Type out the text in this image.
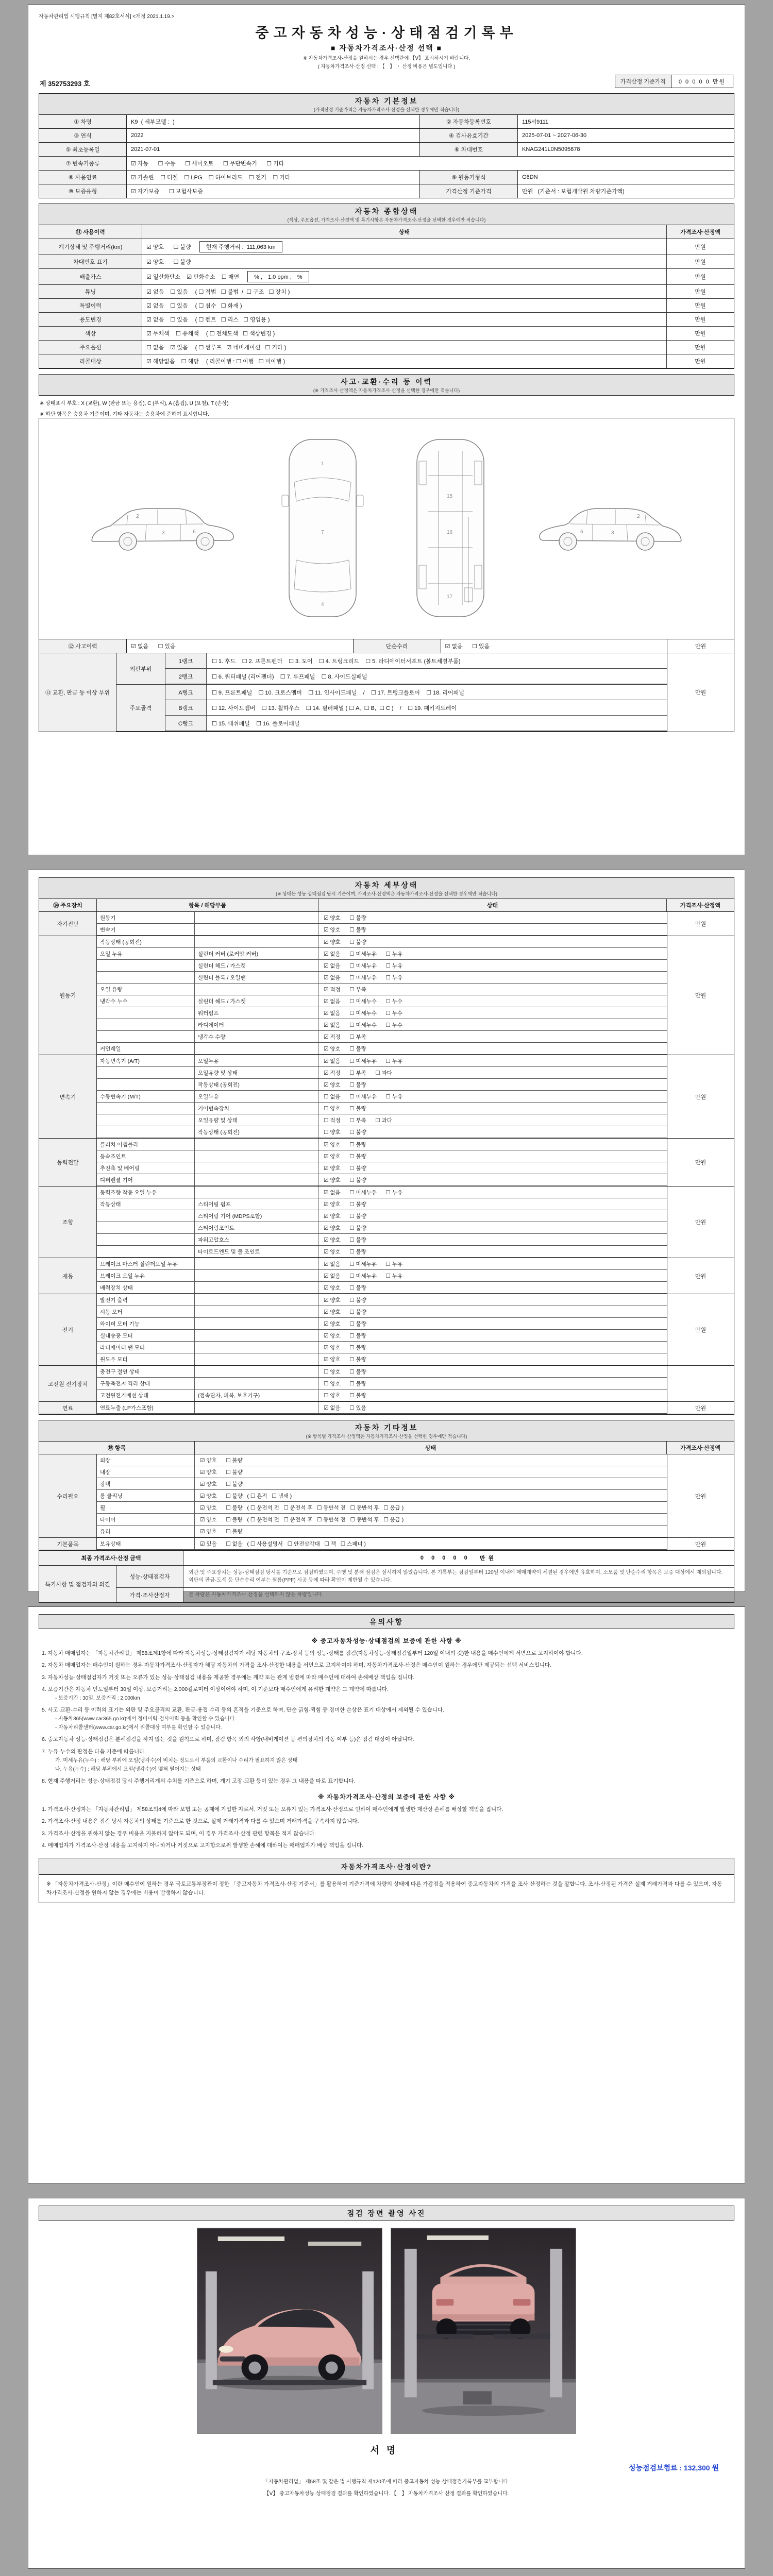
자동차관리법 시행규칙 [별지 제82호서식] <개정 2021.1.19.>
중고자동차성능·상태점검기록부
■ 자동차가격조사·산정 선택 ■
※ 자동차가격조사·산정을 원하시는 경우 선택란에 【Ⅴ】 표시하시기 바랍니다.
( 자동차가격조사·산정 선택 : 【　】 ・ 산정 비용은 별도입니다 )
제 352753293 호	가격산정 기준가격	0 0 0 0 0 만원
자동차 기본정보
(가격산정 기준가격은 자동차가격조사·산정을 선택한 경우에만 적습니다)
① 차명	K9  ( 세부모델 :  )	② 자동차등록번호	115서9111
③ 연식	2022	④ 검사유효기간	2025-07-01 ~ 2027-06-30
⑤ 최초등록일	2021-07-01	⑥ 차대번호	KNAG241L0N5095678
⑦ 변속기종류	☑ 자동      ☐ 수동      ☐ 세미오토      ☐ 무단변속기      ☐ 기타		
⑧ 사용연료	☑ 가솔린    ☐ 디젤    ☐ LPG    ☐ 하이브리드    ☐ 전기    ☐ 기타	⑨ 원동기형식	G6DN
⑩ 보증유형	☑ 자가보증      ☐ 보험사보증	가격산정 기준가격	만원   (기준서 : 보험개발원 차량기준가액)
자동차 종합상태
(색상, 주요옵션, 가격조사·산정액 및 특기사항은 자동차가격조사·산정을 선택한 경우에만 적습니다)
⑪ 사용이력	상태	가격조사·산정액
계기상태 및 주행거리(km)	☑ 양호      ☐ 불량	현재 주행거리 :  111,063 km	만원
차대번호 표기	☑ 양호      ☐ 불량	만원
배출가스	☑ 일산화탄소    ☑ 탄화수소    ☐ 매연	% ,　1.0 ppm ,　%	만원
튜닝	☑ 없음    ☐ 있음　 ( ☐ 적법   ☐ 불법  /  ☐ 구조   ☐ 장치 )	만원
특별이력	☑ 없음    ☐ 있음　 ( ☐ 침수   ☐ 화재 )	만원
용도변경	☑ 없음    ☐ 있음　 ( ☐ 렌트   ☐ 리스   ☐ 영업용 )	만원
색상	☑ 무채색    ☐ 유채색　 ( ☐ 전체도색   ☐ 색상변경 )	만원
주요옵션	☐ 없음    ☑ 있음　 ( ☐ 썬루프   ☑ 네비게이션   ☐ 기타 )	만원
리콜대상	☑ 해당없음    ☐ 해당　 ( 리콜이행 : ☐ 이행   ☐ 미이행 )	만원
사고·교환·수리 등 이력
(※ 가격조사·산정액은 자동차가격조사·산정을 선택한 경우에만 적습니다)
※ 상태표시 부호 : X (교환), W (판금 또는 용접), C (부식), A (흠집), U (요철), T (손상)
※ 하단 항목은 승용차 기준이며, 기타 자동차는 승용차에 준하여 표시합니다.
2
3	6
1
7
4
15
16
17
6	3
2
⑫ 사고이력	☑ 없음      ☐ 있음	단순수리	☑ 없음      ☐ 있음	만원
⑬ 교환, 판금 등 이상 부위
외판부위
1랭크	☐ 1. 후드    ☐ 2. 프론트펜더    ☐ 3. 도어    ☐ 4. 트렁크리드    ☐ 5. 라디에이터서포트 (볼트체결부품)
2랭크	☐ 6. 쿼터패널 (리어펜더)    ☐ 7. 루프패널    ☐ 8. 사이드실패널
주요골격
A랭크	☐ 9. 프론트패널    ☐ 10. 크로스멤버    ☐ 11. 인사이드패널    /    ☐ 17. 트렁크플로어    ☐ 18. 리어패널
B랭크	☐ 12. 사이드멤버    ☐ 13. 휠하우스    ☐ 14. 필러패널 ( ☐ A,  ☐ B,  ☐ C )    /    ☐ 19. 패키지트레이
C랭크	☐ 15. 대쉬패널    ☐ 16. 플로어패널
만원
자동차 세부상태
(※ 상태는 성능·상태점검 당시 기준이며, 가격조사·산정액은 자동차가격조사·산정을 선택한 경우에만 적습니다)
⑭ 주요장치	항목 / 해당부품	상태	가격조사·산정액
자기진단
원동기	☑ 양호      ☐ 불량
변속기	☑ 양호      ☐ 불량
만원
원동기
작동상태 (공회전)	☑ 양호      ☐ 불량
오일 누유	실린더 커버 (로커암 커버)	☑ 없음      ☐ 미세누유      ☐ 누유
실린더 헤드 / 가스켓	☑ 없음      ☐ 미세누유      ☐ 누유
실린더 블록 / 오일팬	☑ 없음      ☐ 미세누유      ☐ 누유
오일 유량	☑ 적정      ☐ 부족
냉각수 누수	실린더 헤드 / 가스켓	☑ 없음      ☐ 미세누수      ☐ 누수
워터펌프	☑ 없음      ☐ 미세누수      ☐ 누수
라디에이터	☑ 없음      ☐ 미세누수      ☐ 누수
냉각수 수량	☑ 적정      ☐ 부족
커먼레일	☑ 양호      ☐ 불량
만원
변속기
자동변속기 (A/T)	오일누유	☑ 없음      ☐ 미세누유      ☐ 누유
오일유량 및 상태	☑ 적정      ☐ 부족      ☐ 과다
작동상태 (공회전)	☑ 양호      ☐ 불량
수동변속기 (M/T)	오일누유	☐ 없음      ☐ 미세누유      ☐ 누유
기어변속장치	☐ 양호      ☐ 불량
오일유량 및 상태	☐ 적정      ☐ 부족      ☐ 과다
작동상태 (공회전)	☐ 양호      ☐ 불량
만원
동력전달
클러치 어셈블리	☑ 양호      ☐ 불량
등속조인트	☑ 양호      ☐ 불량
추진축 및 베어링	☑ 양호      ☐ 불량
디퍼렌셜 기어	☑ 양호      ☐ 불량
만원
조향
동력조향 작동 오일 누유	☑ 없음      ☐ 미세누유      ☐ 누유
작동상태	스티어링 펌프	☑ 양호      ☐ 불량
스티어링 기어 (MDPS포함)	☑ 양호      ☐ 불량
스티어링조인트	☑ 양호      ☐ 불량
파워고압호스	☑ 양호      ☐ 불량
타이로드엔드 및 볼 조인트	☑ 양호      ☐ 불량
만원
제동
브레이크 마스터 실린더오일 누유	☑ 없음      ☐ 미세누유      ☐ 누유
브레이크 오일 누유	☑ 없음      ☐ 미세누유      ☐ 누유
배력장치 상태	☑ 양호      ☐ 불량
만원
전기
발전기 출력	☑ 양호      ☐ 불량
시동 모터	☑ 양호      ☐ 불량
와이퍼 모터 기능	☑ 양호      ☐ 불량
실내송풍 모터	☑ 양호      ☐ 불량
라디에이터 팬 모터	☑ 양호      ☐ 불량
윈도우 모터	☑ 양호      ☐ 불량
만원
고전원 전기장치
충전구 절연 상태	☐ 양호      ☐ 불량
구동축전지 격리 상태	☐ 양호      ☐ 불량
고전원전기배선 상태	(접속단자, 피복, 보호기구)	☐ 양호      ☐ 불량
연료	연료누출 (LP가스포함)	☑ 없음      ☐ 있음	만원
자동차 기타정보
(※ 항목별 가격조사·산정액은 자동차가격조사·산정을 선택한 경우에만 적습니다)
⑮ 항목	상태	가격조사·산정액
수리필요
외장	☑ 양호      ☐ 불량
내장	☑ 양호      ☐ 불량
광택	☑ 양호      ☐ 불량
룸 클리닝	☑ 양호      ☐ 불량   ( ☐ 흔적   ☐ 냄새 )
휠	☑ 양호      ☐ 불량   ( ☐ 운전석 전   ☐ 운전석 후   ☐ 동반석 전   ☐ 동반석 후   ☐ 응급 )
타이어	☑ 양호      ☐ 불량   ( ☐ 운전석 전   ☐ 운전석 후   ☐ 동반석 전   ☐ 동반석 후   ☐ 응급 )
유리	☑ 양호      ☐ 불량
만원
기본품목	보유상태	☑ 있음      ☐ 없음   ( ☐ 사용설명서   ☐ 안전삼각대   ☐ 잭   ☐ 스패너 )	만원
최종 가격조사·산정 금액	0 0 0 0 0
만원
특기사항 및 점검자의 의견
성능·상태점검자
외관 및 주요장치는 성능·상태점검 당시를 기준으로 점검하였으며, 주행 및 분해 점검은 실시하지 않았습니다. 본 기록부는 점검일부터 120일 이내에 매매계약이 체결된 경우에만 유효하며, 소모품 및 단순수리 항목은 보증 대상에서 제외됩니다. 외판의 판금·도색 등 단순수리 여부는 필름(PPF) 시공 등에 따라 확인이 제한될 수 있습니다.
가격·조사산정자	본 차량은 자동차가격조사·산정을 선택하지 않은 차량입니다.
유의사항
※ 중고자동차성능·상태점검의 보증에 관한 사항 ※
1. 자동차 매매업자는 「자동차관리법」 제58조제1항에 따라 자동차성능·상태점검자가 해당 자동차의 구조·장치 등의 성능·상태를 점검(자동차성능·상태점검일부터 120일 이내의 것)한 내용을 매수인에게 서면으로 고지하여야 합니다.
2. 자동차 매매업자는 매수인이 원하는 경우 자동차가격조사·산정자가 해당 자동차의 가격을 조사·산정한 내용을 서면으로 고지하여야 하며, 자동차가격조사·산정은 매수인이 원하는 경우에만 제공되는 선택 서비스입니다.
3. 자동차성능·상태점검자가 거짓 또는 오류가 있는 성능·상태점검 내용을 제공한 경우에는 계약 또는 관계 법령에 따라 매수인에 대하여 손해배상 책임을 집니다.
4. 보증기간은 자동차 인도일부터 30일 이상, 보증거리는 2,000킬로미터 이상이어야 하며, 이 기준보다 매수인에게 유리한 계약은 그 계약에 따릅니다.
- 보증기간 : 30일, 보증거리 : 2,000km
5. 사고·교환·수리 등 이력의 표기는 외판 및 주요골격의 교환, 판금·용접 수리 등의 흔적을 기준으로 하며, 단순 긁힘·찍힘 등 경미한 손상은 표기 대상에서 제외될 수 있습니다.
- 자동차365(www.car365.go.kr)에서 정비이력·검사이력 등을 확인할 수 있습니다.
- 자동차리콜센터(www.car.go.kr)에서 리콜대상 여부를 확인할 수 있습니다.
6. 중고자동차 성능·상태점검은 분해점검을 하지 않는 것을 원칙으로 하며, 점검 항목 외의 사항(내비게이션 등 편의장치의 작동 여부 등)은 점검 대상이 아닙니다.
7. 누유·누수의 판정은 다음 기준에 따릅니다.
가. 미세누유(누수) : 해당 부위에 오일(냉각수)이 비치는 정도로서 부품의 교환이나 수리가 필요하지 않은 상태
나. 누유(누수) : 해당 부위에서 오일(냉각수)이 맺혀 떨어지는 상태
8. 현재 주행거리는 성능·상태점검 당시 주행거리계의 수치를 기준으로 하며, 계기 고장·교환 등이 있는 경우 그 내용을 따로 표기합니다.
※ 자동차가격조사·산정의 보증에 관한 사항 ※
1. 가격조사·산정자는 「자동차관리법」 제58조의4에 따라 보험 또는 공제에 가입한 자로서, 거짓 또는 오류가 있는 가격조사·산정으로 인하여 매수인에게 발생한 재산상 손해를 배상할 책임을 집니다.
2. 가격조사·산정 내용은 점검 당시 자동차의 상태를 기준으로 한 것으로, 실제 거래가격과 다를 수 있으며 거래가격을 구속하지 않습니다.
3. 가격조사·산정을 원하지 않는 경우 비용을 지불하지 않아도 되며, 이 경우 가격조사·산정 관련 항목은 적지 않습니다.
4. 매매업자가 가격조사·산정 내용을 고지하지 아니하거나 거짓으로 고지함으로써 발생한 손해에 대하여는 매매업자가 배상 책임을 집니다.
자동차가격조사·산정이란?
※ 「자동차가격조사·산정」이란 매수인이 원하는 경우 국토교통부장관이 정한 「중고자동차 가격조사·산정 기준서」를 활용하여 기준가격에 차량의 상태에 따른 가감점을 적용하여 중고자동차의 가격을 조사·산정하는 것을 말합니다. 조사·산정된 가격은 실제 거래가격과 다를 수 있으며, 자동차가격조사·산정을 원하지 않는 경우에는 비용이 발생하지 않습니다.
점검 장면 촬영 사진
서명
성능점검보험료 : 132,300 원
「자동차관리법」 제58조 및 같은 법 시행규칙 제120조에 따라 중고자동차 성능·상태점검기록부를 교부합니다.
【Ⅴ】 중고자동차성능·상태점검 결과를 확인하였습니다. 【　】 자동차가격조사·산정 결과를 확인하였습니다.
